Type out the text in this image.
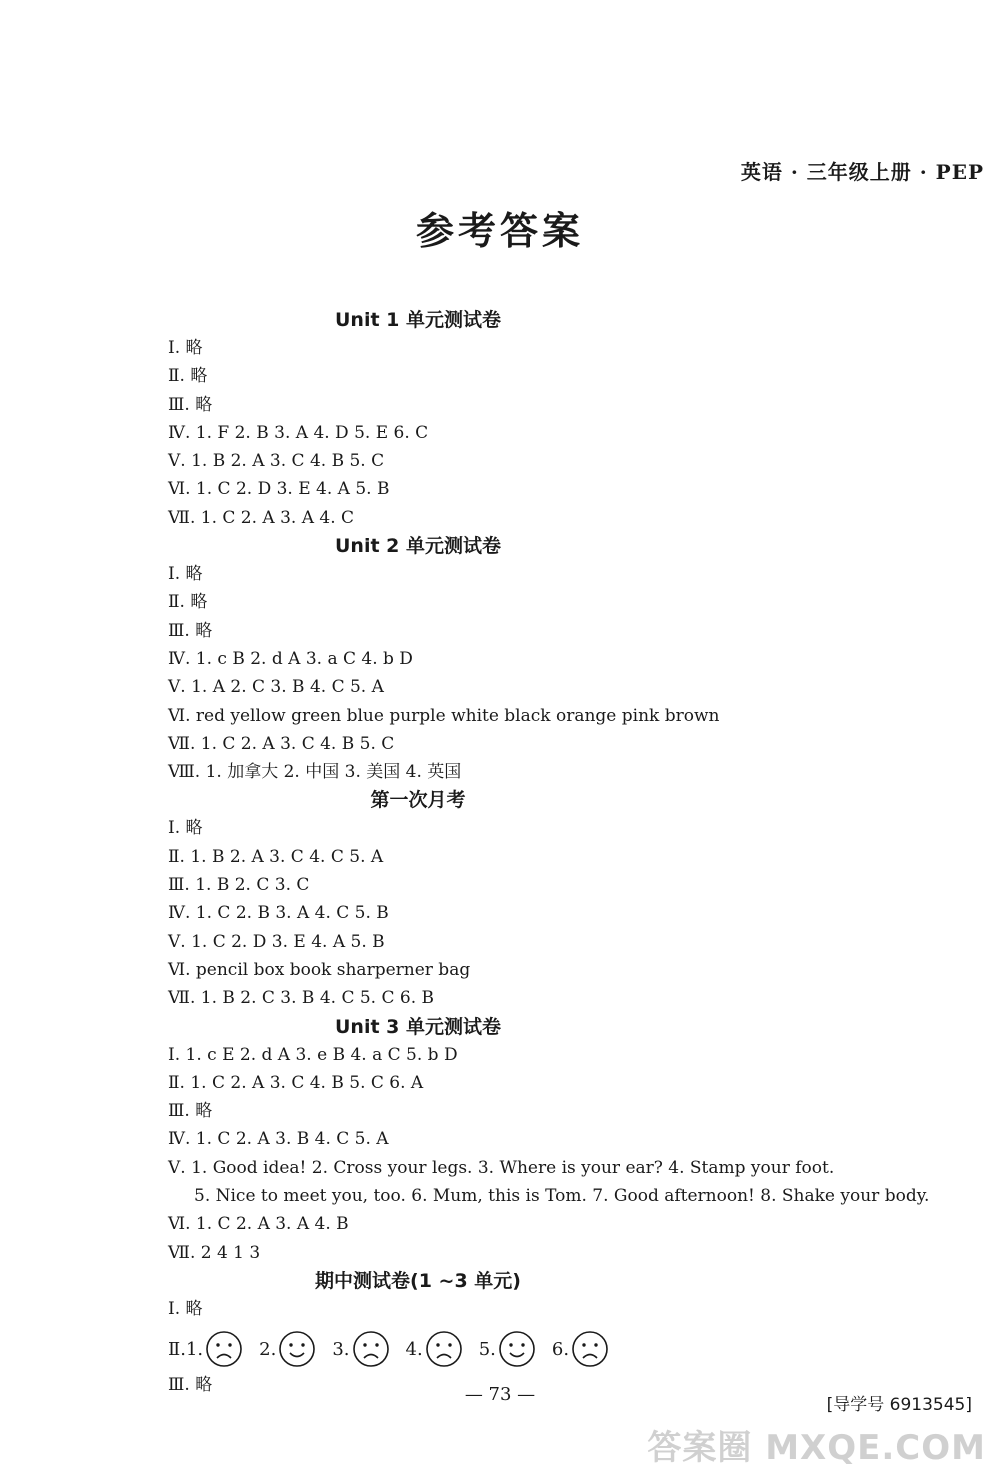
英语 · 三年级上册 · PEP
参考答案
Unit 1 单元测试卷
Ⅰ. 略
Ⅱ. 略
Ⅲ. 略
Ⅳ. 1. F 2. B 3. A 4. D 5. E 6. C
Ⅴ. 1. B 2. A 3. C 4. B 5. C
Ⅵ. 1. C 2. D 3. E 4. A 5. B
Ⅶ. 1. C 2. A 3. A 4. C
Unit 2 单元测试卷
Ⅰ. 略
Ⅱ. 略
Ⅲ. 略
Ⅳ. 1. c B 2. d A 3. a C 4. b D
Ⅴ. 1. A 2. C 3. B 4. C 5. A
Ⅵ. red yellow green blue purple white black orange pink brown
Ⅶ. 1. C 2. A 3. C 4. B 5. C
Ⅷ. 1. 加拿大 2. 中国 3. 美国 4. 英国
第一次月考
Ⅰ. 略
Ⅱ. 1. B 2. A 3. C 4. C 5. A
Ⅲ. 1. B 2. C 3. C
Ⅳ. 1. C 2. B 3. A 4. C 5. B
Ⅴ. 1. C 2. D 3. E 4. A 5. B
Ⅵ. pencil box book sharperner bag
Ⅶ. 1. B 2. C 3. B 4. C 5. C 6. B
Unit 3 单元测试卷
Ⅰ. 1. c E 2. d A 3. e B 4. a C 5. b D
Ⅱ. 1. C 2. A 3. C 4. B 5. C 6. A
Ⅲ. 略
Ⅳ. 1. C 2. A 3. B 4. C 5. A
Ⅴ. 1. Good idea! 2. Cross your legs. 3. Where is your ear? 4. Stamp your foot.
5. Nice to meet you, too. 6. Mum, this is Tom. 7. Good afternoon! 8. Shake your body.
Ⅵ. 1. C 2. A 3. A 4. B
Ⅶ. 2 4 1 3
期中测试卷(1 ~3 单元)
Ⅰ. 略
Ⅱ. 1.	2.	3.	4.	5.	6.
Ⅲ. 略	— 73 —	[导学号 6913545]
答案圈 MXQE.COM
